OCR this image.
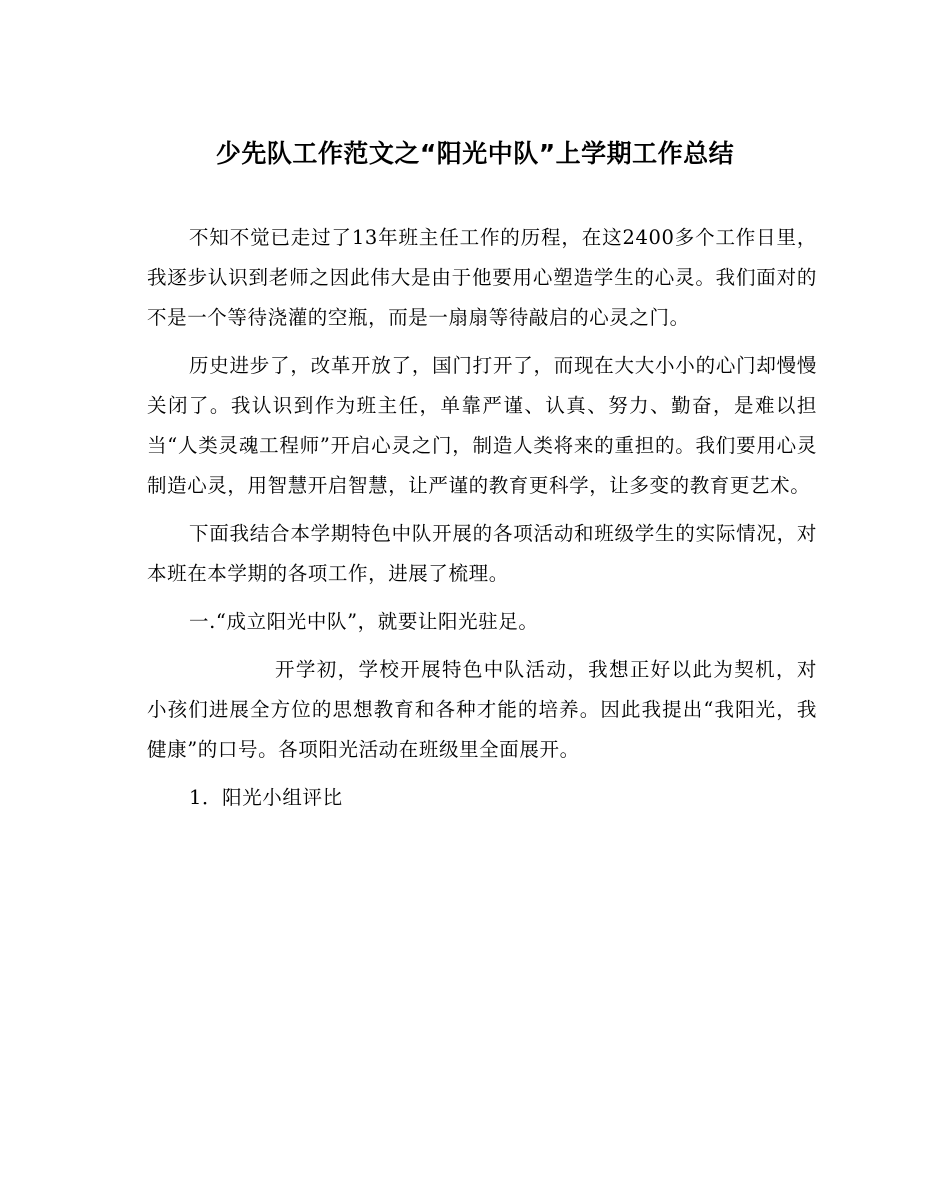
少先队工作范文之“阳光中队”上学期工作总结

不知不觉已走过了13年班主任工作的历程，在这2400多个工作日里，我逐步认识到老师之因此伟大是由于他要用心塑造学生的心灵。我们面对的不是一个等待浇灌的空瓶，而是一扇扇等待敲启的心灵之门。

历史进步了，改革开放了，国门打开了，而现在大大小小的心门却慢慢关闭了。我认识到作为班主任，单靠严谨、认真、努力、勤奋，是难以担当“人类灵魂工程师”开启心灵之门，制造人类将来的重担的。我们要用心灵制造心灵，用智慧开启智慧，让严谨的教育更科学，让多变的教育更艺术。

下面我结合本学期特色中队开展的各项活动和班级学生的实际情况，对本班在本学期的各项工作，进展了梳理。

一.“成立阳光中队”，就要让阳光驻足。

开学初，学校开展特色中队活动，我想正好以此为契机，对小孩们进展全方位的思想教育和各种才能的培养。因此我提出“我阳光，我健康”的口号。各项阳光活动在班级里全面展开。

1．阳光小组评比
